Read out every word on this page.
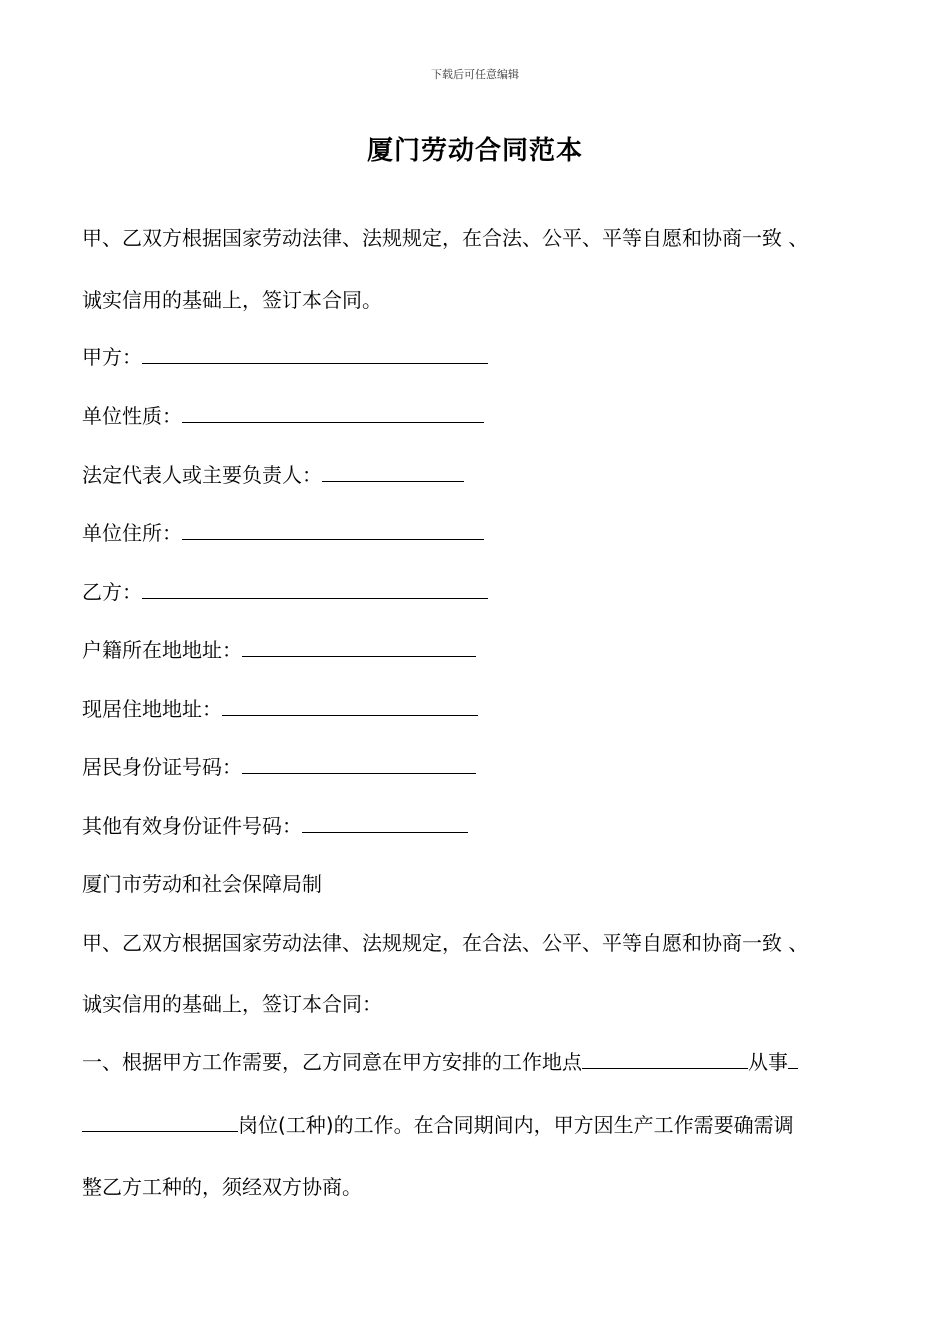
下载后可任意编辑
厦门劳动合同范本
甲、乙双方根据国家劳动法律、法规规定，在合法、公平、平等自愿和协商一致 、
诚实信用的基础上，签订本合同。
甲方：
单位性质：
法定代表人或主要负责人：
单位住所：
乙方：
户籍所在地地址：
现居住地地址：
居民身份证号码：
其他有效身份证件号码：
厦门市劳动和社会保障局制
甲、乙双方根据国家劳动法律、法规规定，在合法、公平、平等自愿和协商一致 、
诚实信用的基础上，签订本合同：
一、根据甲方工作需要，乙方同意在甲方安排的工作地点	从事
岗位(工种)的工作。在合同期间内，甲方因生产工作需要确需调
整乙方工种的，须经双方协商。
